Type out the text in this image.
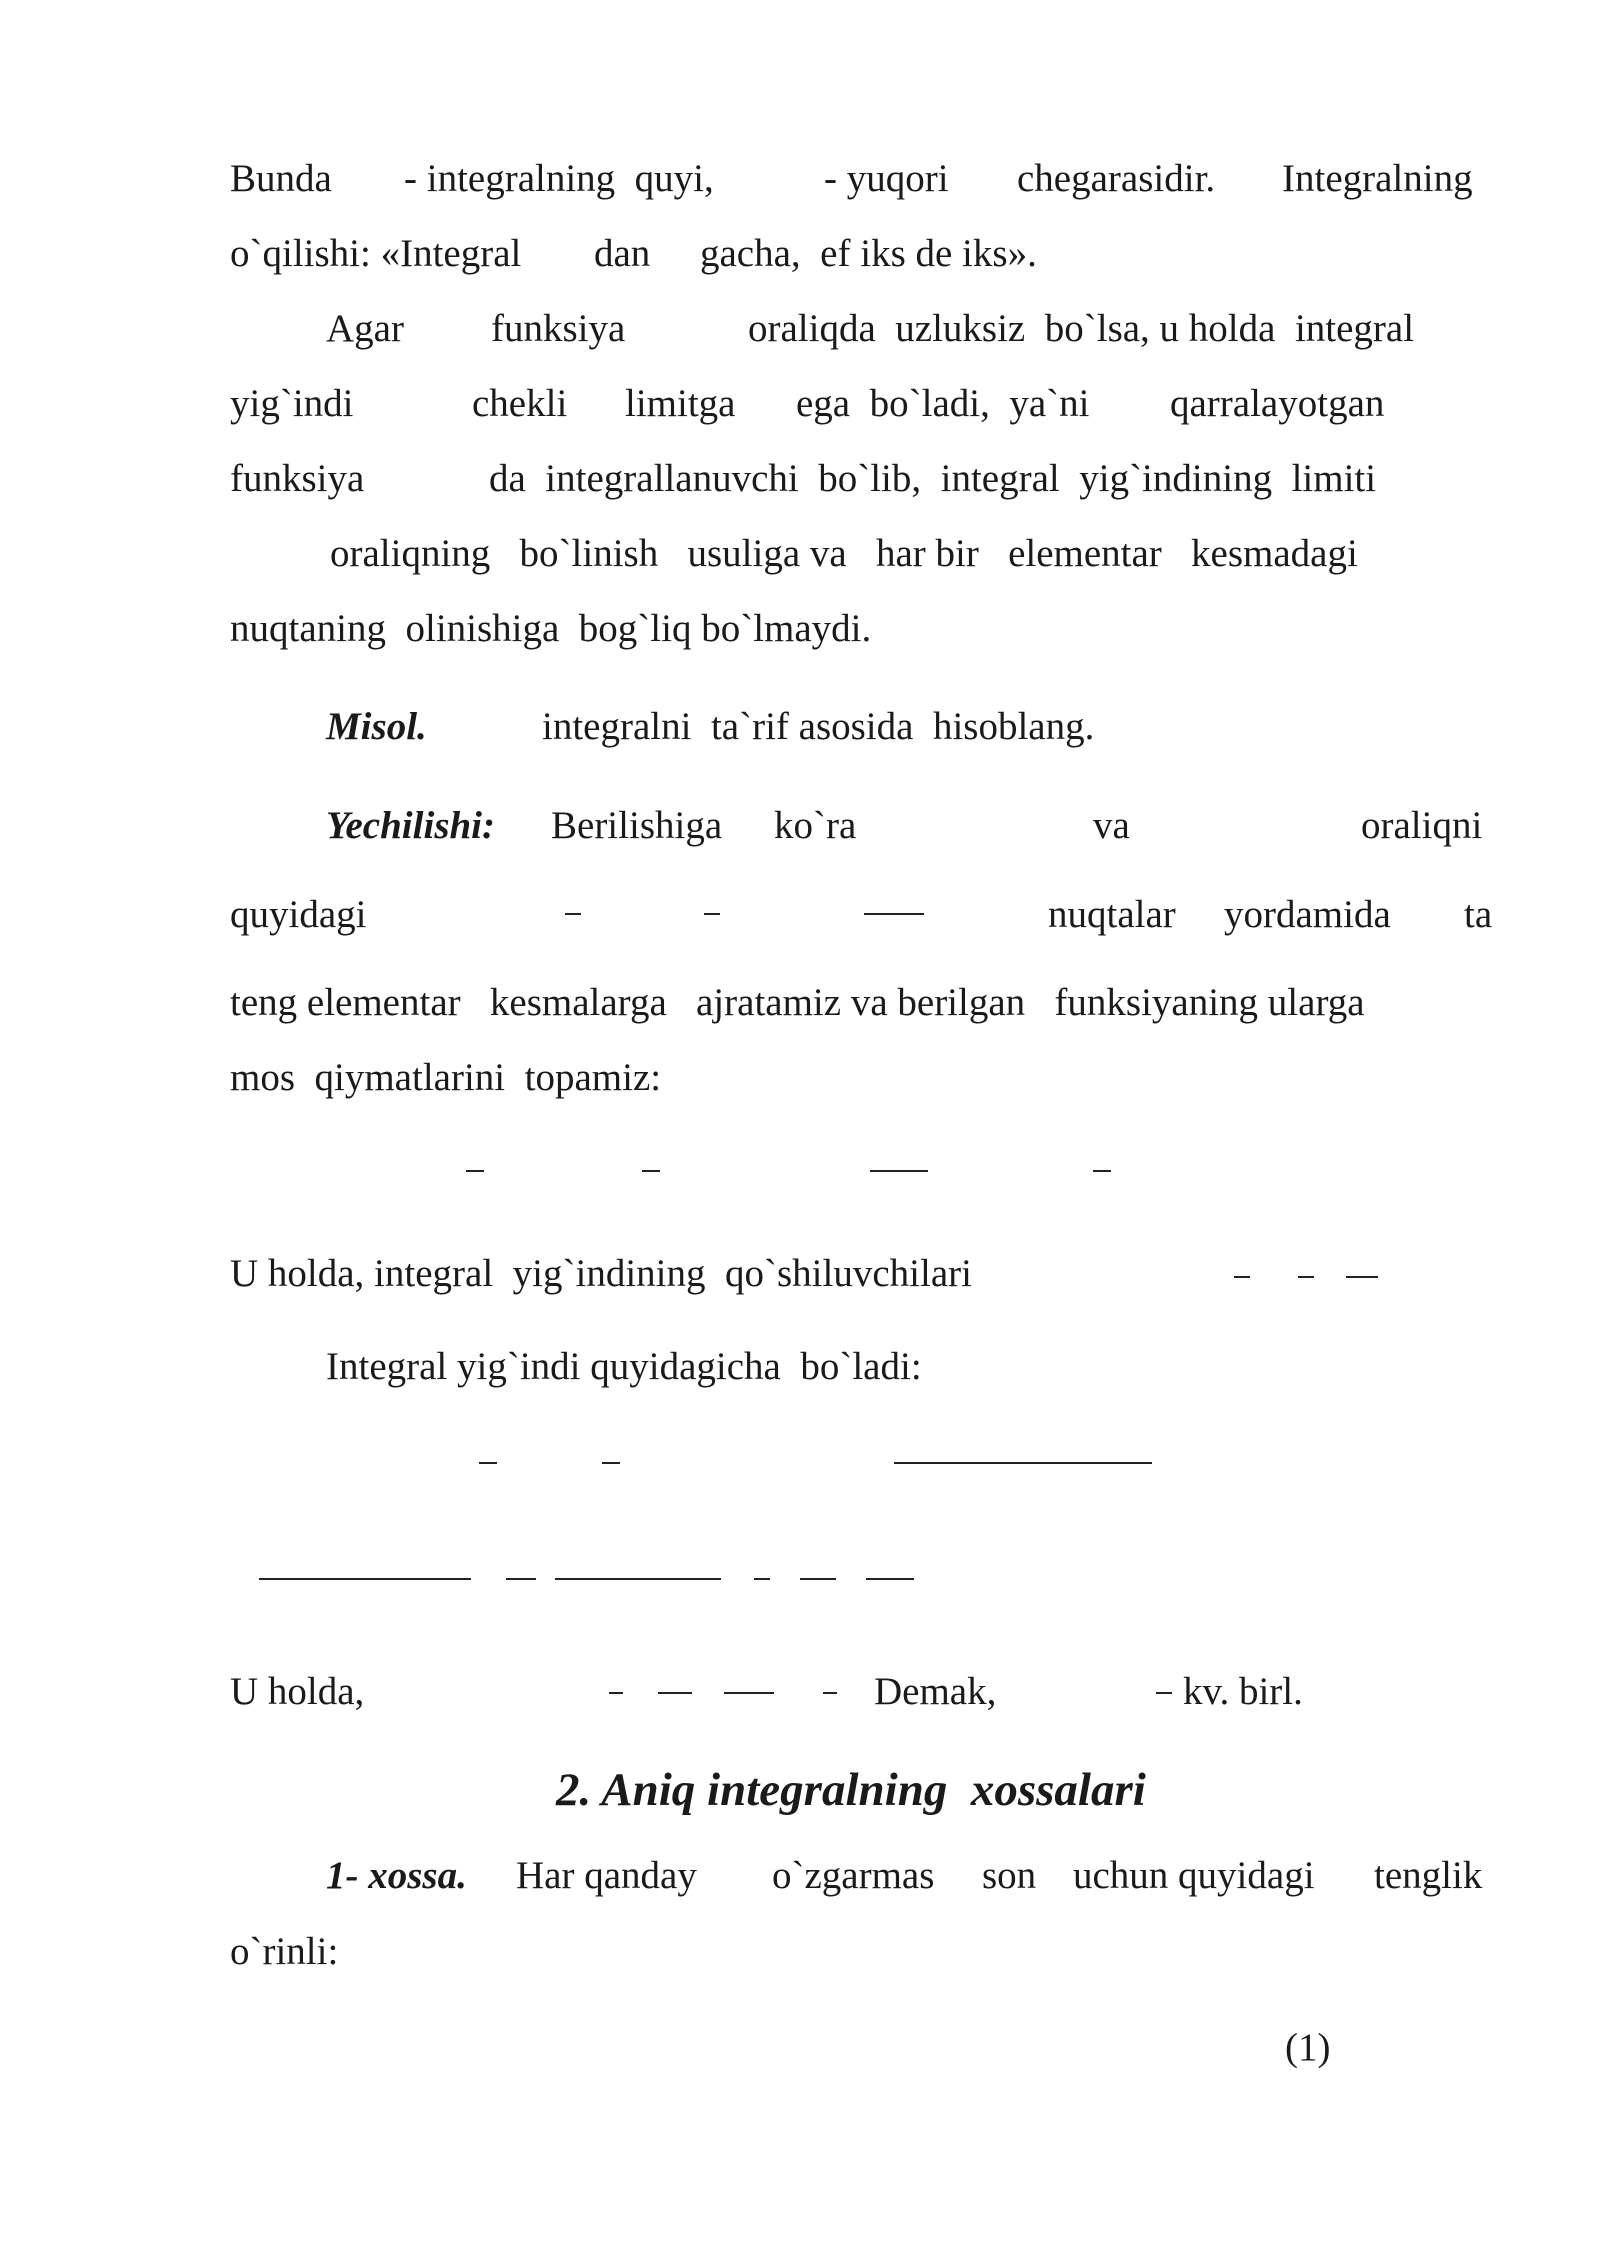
Bunda - integralning  quyi,	- yuqori chegarasidir. Integralning
o`qilishi: «Integral dan gacha,  ef iks de iks».
Agar funksiya	oraliqda  uzluksiz  bo`lsa, u holda  integral
yig`indi	chekli limitga ega  bo`ladi,  ya`ni qarralayotgan
funksiya	da  integrallanuvchi  bo`lib,  integral  yig`indining  limiti
oraliqning   bo`linish   usuliga va   har bir   elementar   kesmadagi
nuqtaning  olinishiga  bog`liq bo`lmaydi.
Misol.	integralni  ta`rif asosida  hisoblang.
Yechilishi: Berilishiga ko`ra	va	oraliqni
quyidagi	nuqtalar yordamida ta
teng elementar   kesmalarga   ajratamiz va berilgan   funksiyaning ularga
mos  qiymatlarini  topamiz:
U holda, integral  yig`indining  qo`shiluvchilari
Integral yig`indi quyidagicha  bo`ladi:
U holda,	Demak,	kv. birl.
2. Aniq integralning  xossalari
1- xossa. Har qanday o`zgarmas son uchun quyidagi tenglik
o`rinli:
(1)
